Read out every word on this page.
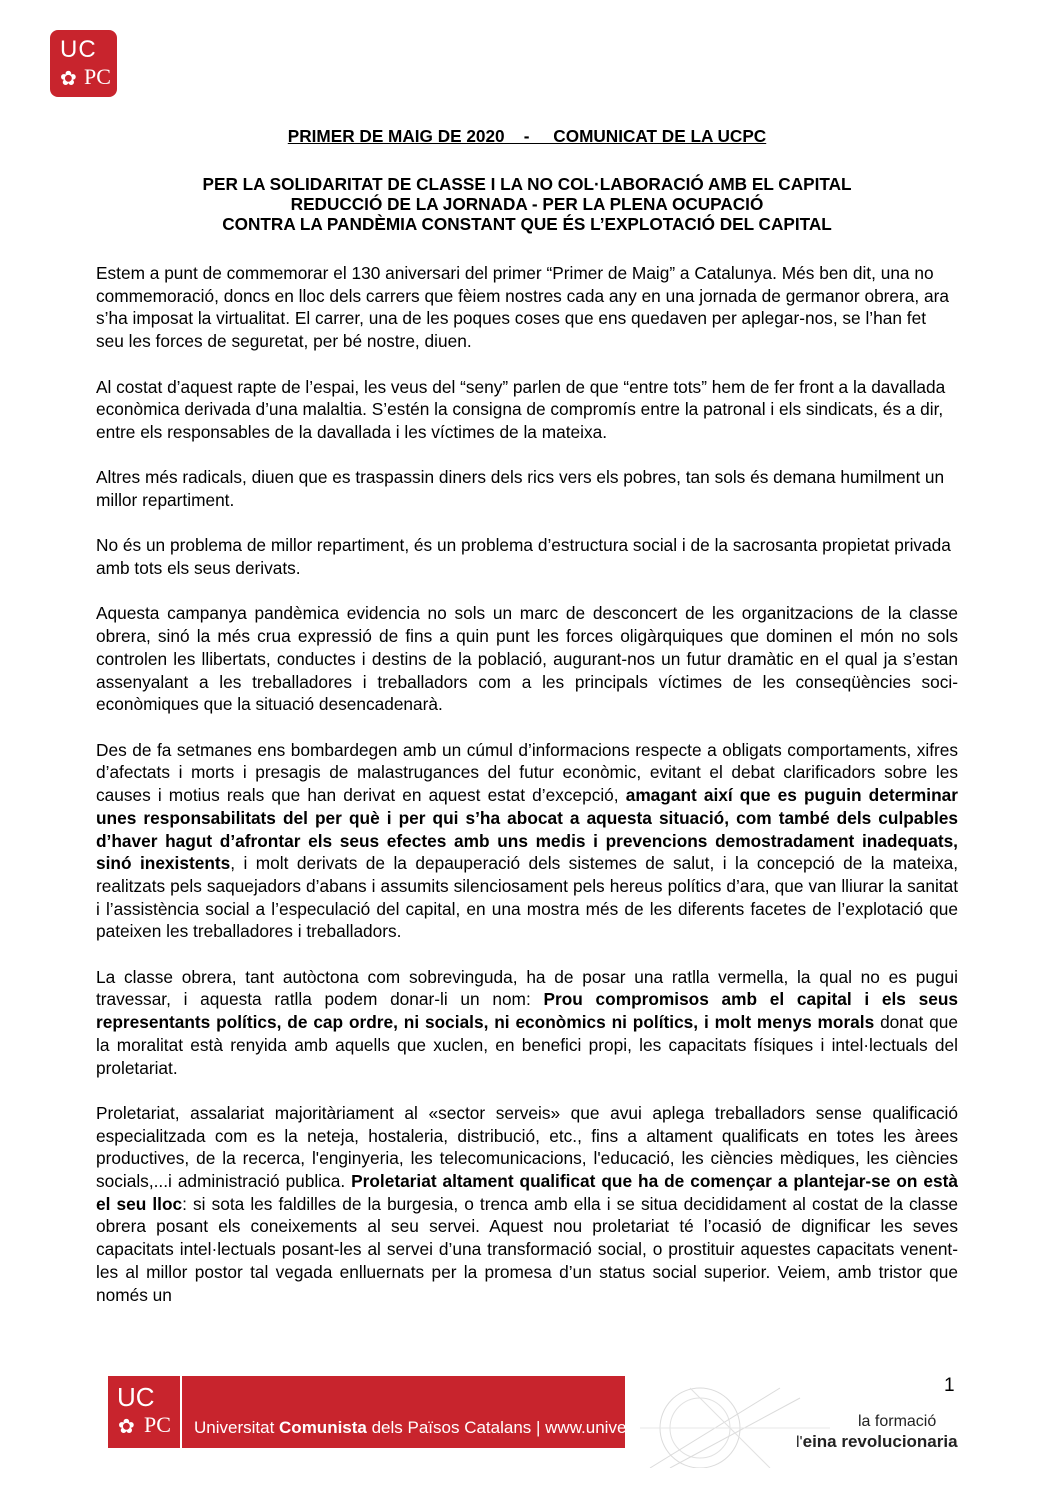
UC
✿ PC
PRIMER DE MAIG DE 2020    -     COMUNICAT DE LA UCPC
PER LA SOLIDARITAT DE CLASSE I LA NO COL·LABORACIÓ AMB EL CAPITAL
REDUCCIÓ DE LA JORNADA - PER LA PLENA OCUPACIÓ
CONTRA LA PANDÈMIA CONSTANT QUE ÉS L’EXPLOTACIÓ DEL CAPITAL

Estem a punt de commemorar el 130 aniversari del primer “Primer de Maig” a Catalunya. Més ben dit, una no commemoració, doncs en lloc dels carrers que fèiem nostres cada any en una jornada de germanor obrera, ara s’ha imposat la virtualitat. El carrer, una de les poques coses que ens quedaven per aplegar-nos, se l’han fet seu les forces de seguretat, per bé nostre, diuen.

Al costat d’aquest rapte de l’espai, les veus del “seny” parlen de que “entre tots” hem de fer front a la davallada econòmica derivada d’una malaltia. S’estén la consigna de compromís entre la patronal i els sindicats, és a dir, entre els responsables de la davallada i les víctimes de la mateixa.

Altres més radicals, diuen que es traspassin diners dels rics vers els pobres, tan sols és demana humilment un millor repartiment.

No és un problema de millor repartiment, és un problema d’estructura social i de la sacrosanta propietat privada amb tots els seus derivats.

Aquesta campanya pandèmica evidencia no sols un marc de desconcert de les organitzacions de la classe obrera, sinó la més crua expressió de fins a quin punt les forces oligàrquiques que dominen el món no sols controlen les llibertats, conductes i destins de la població, augurant-nos un futur dramàtic en el qual ja s’estan assenyalant a les treballadores i treballadors com a les principals víctimes de les conseqüències soci-econòmiques que la situació desencadenarà.

Des de fa setmanes ens bombardegen amb un cúmul d’informacions respecte a obligats comportaments, xifres d’afectats i morts i presagis de malastrugances del futur econòmic, evitant el debat clarificadors sobre les causes i motius reals que han derivat en aquest estat d’excepció, amagant així que es puguin determinar unes responsabilitats del per què i per qui s’ha abocat a aquesta situació, com també dels culpables d’haver hagut d’afrontar els seus efectes amb uns medis i prevencions demostradament inadequats, sinó inexistents, i molt derivats de la depauperació dels sistemes de salut, i la concepció de la mateixa, realitzats pels saquejadors d’abans i assumits silenciosament pels hereus polítics d’ara, que van lliurar la sanitat i l’assistència social a l’especulació del capital, en una mostra més de les diferents facetes de l’explotació que pateixen les treballadores i treballadors.

La classe obrera, tant autòctona com sobrevinguda, ha de posar una ratlla vermella, la qual no es pugui travessar, i aquesta ratlla podem donar-li un nom: Prou compromisos amb el capital i els seus representants polítics, de cap ordre, ni socials, ni econòmics ni polítics, i molt menys morals donat que la moralitat està renyida amb aquells que xuclen, en benefici propi, les capacitats físiques i intel·lectuals del proletariat.

Proletariat, assalariat majoritàriament al «sector serveis» que avui aplega treballadors sense qualificació especialitzada com es la neteja, hostaleria, distribució, etc., fins a altament qualificats en totes les àrees productives, de la recerca, l'enginyeria, les telecomunicacions, l'educació, les ciències mèdiques, les ciències socials,...i administració publica. Proletariat altament qualificat que ha de començar a plantejar-se on està el seu lloc: si sota les faldilles de la burgesia, o trenca amb ella i se situa decididament al costat de la classe obrera posant els coneixements al seu servei. Aquest nou proletariat té l’ocasió de dignificar les seves capacitats intel·lectuals posant-les al servei d’una transformació social, o prostituir aquestes capacitats venent-les al millor postor tal vegada enlluernats per la promesa d’un status social superior. Veiem, amb tristor que només un

1
UC
✿ PC Universitat Comunista dels Països Catalans | www.universitat.cat	la formació
l'eina revolucionaria
